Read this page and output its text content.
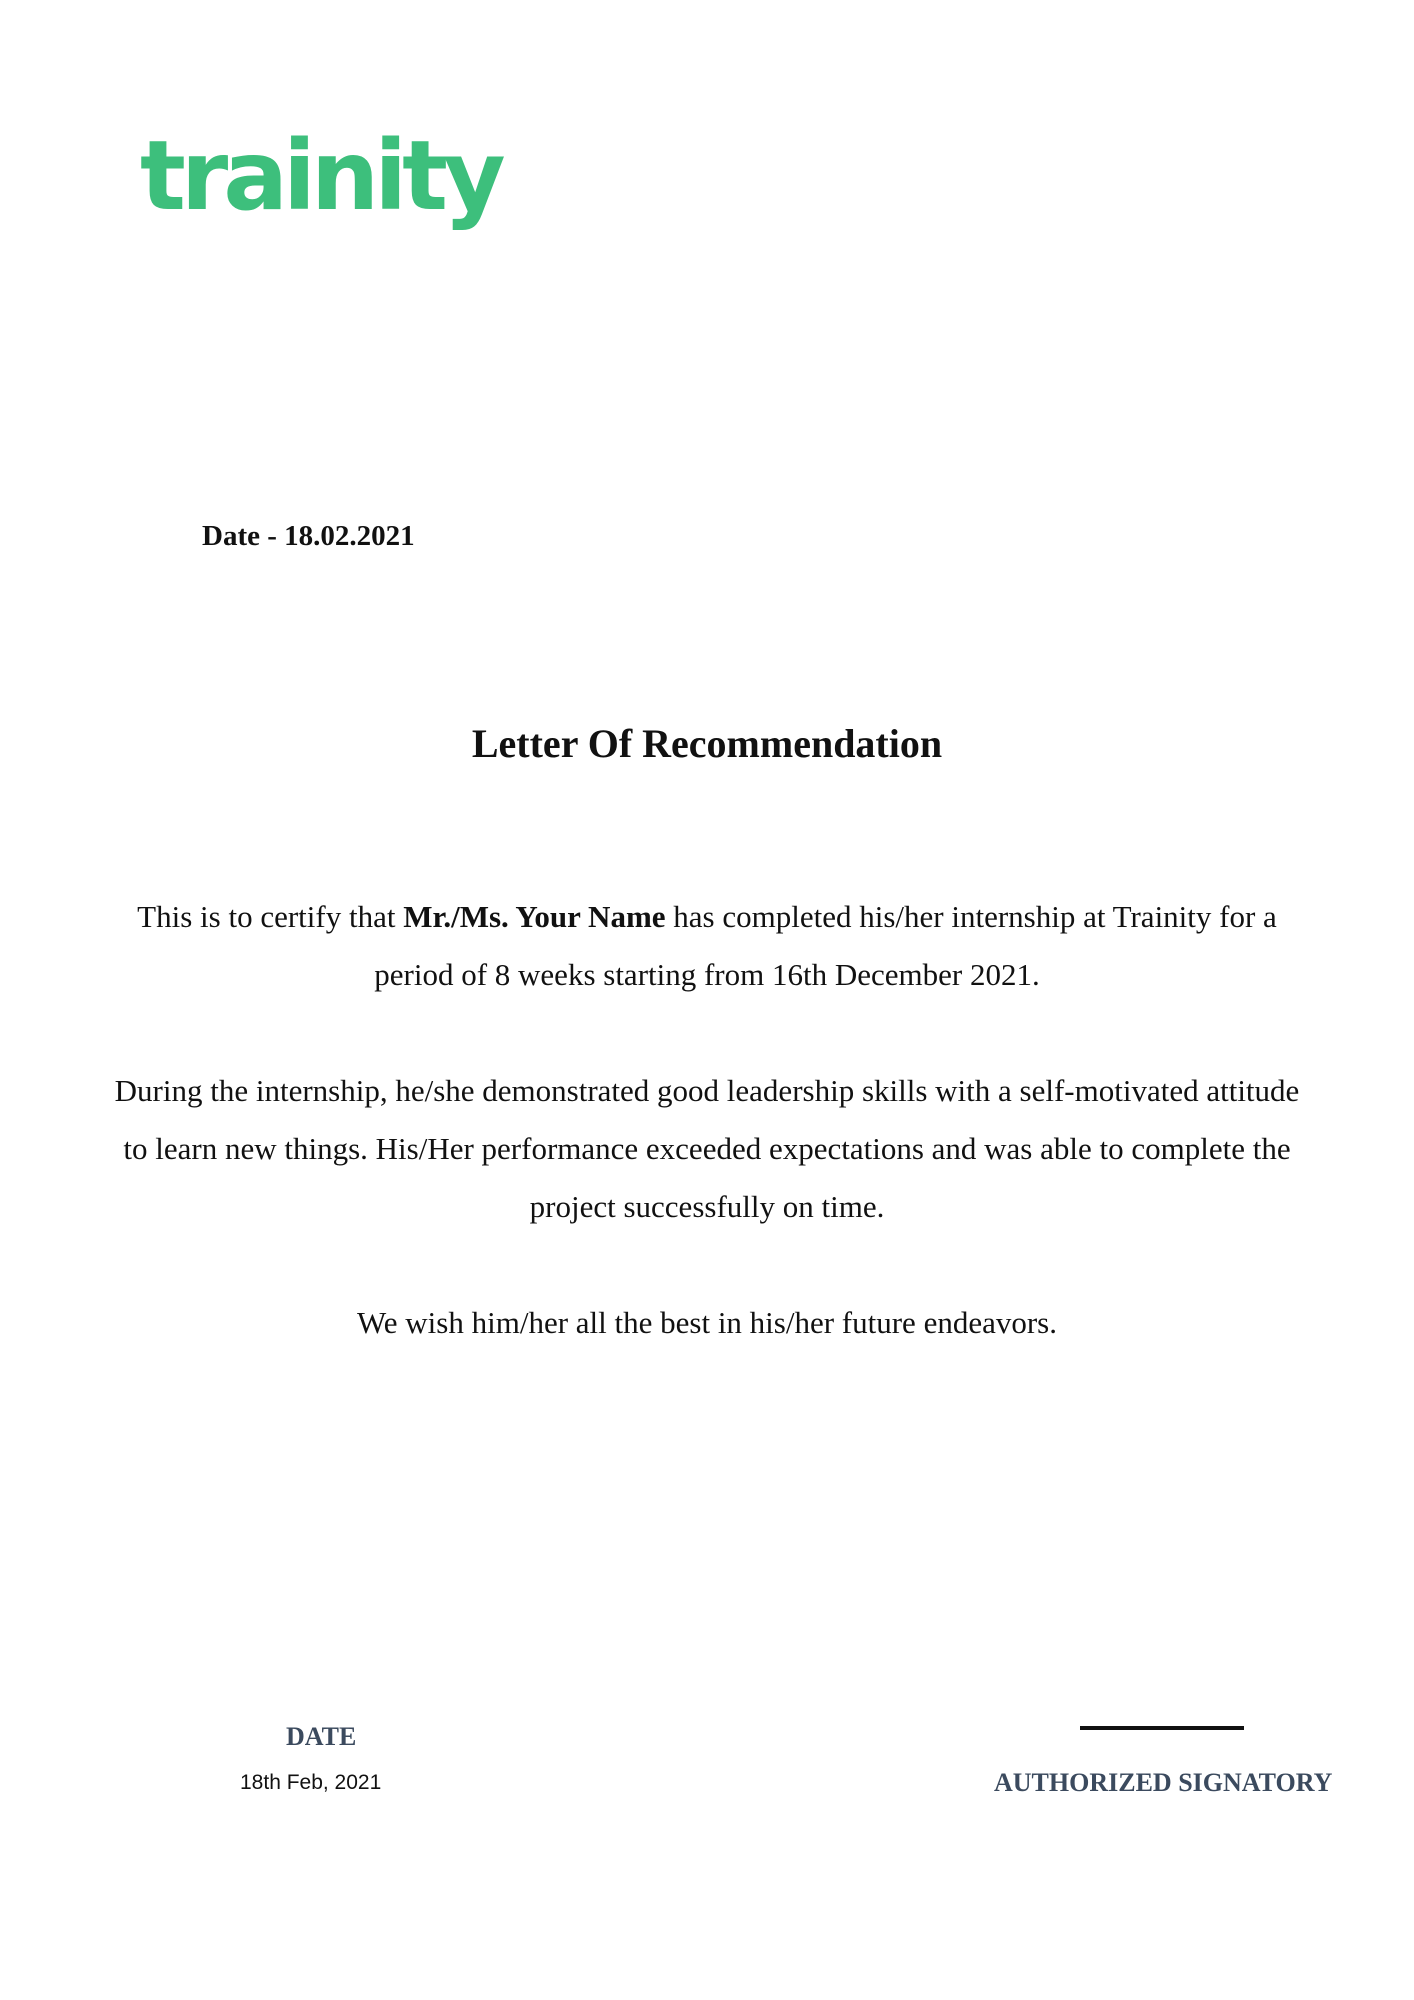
trainity
Date - 18.02.2021
Letter Of Recommendation

This is to certify that Mr./Ms. Your Name has completed his/her internship at Trainity for a period of 8 weeks starting from 16th December 2021.

During the internship, he/she demonstrated good leadership skills with a self-motivated attitude to learn new things. His/Her performance exceeded expectations and was able to complete the project successfully on time.

We wish him/her all the best in his/her future endeavors.

DATE
18th Feb, 2021	AUTHORIZED SIGNATORY
